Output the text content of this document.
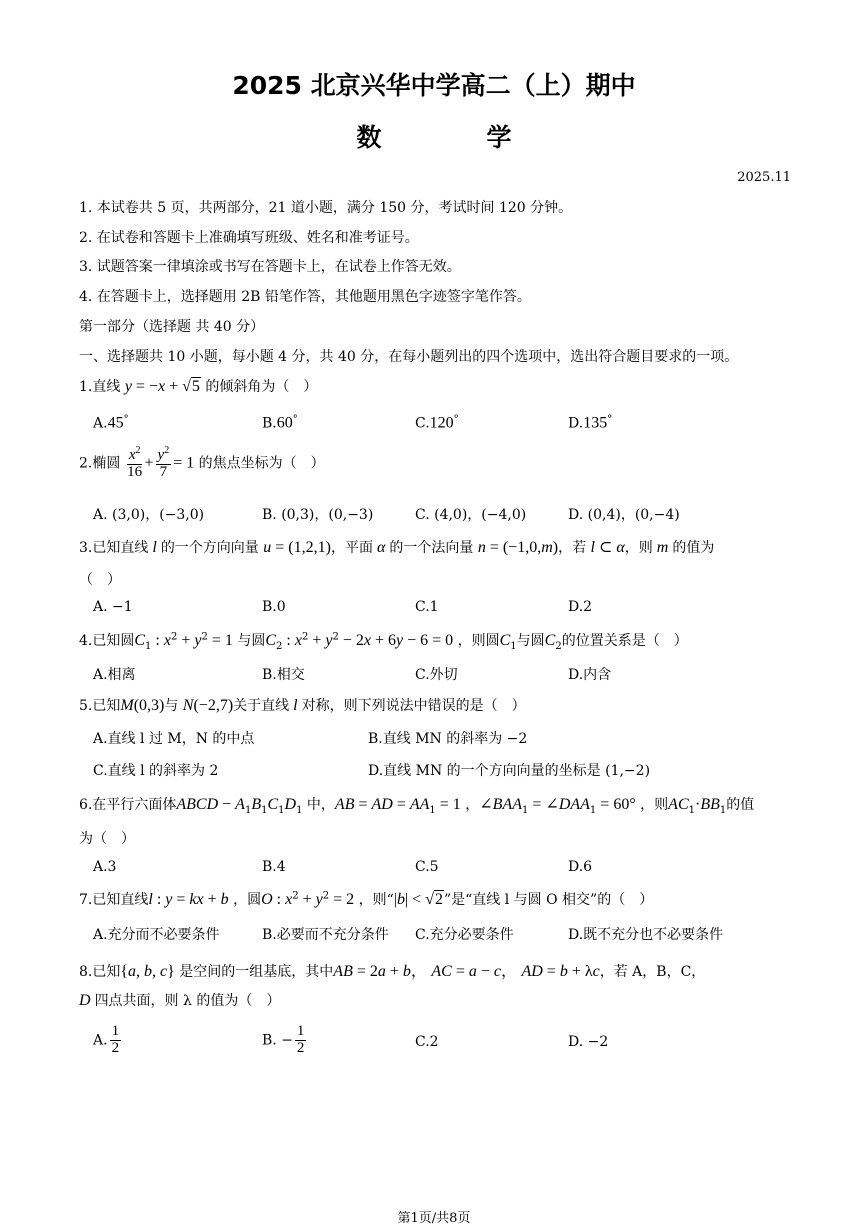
2025 北京兴华中学高二（上）期中
数　学
2025.11
1. 本试卷共 5 页，共两部分，21 道小题，满分 150 分，考试时间 120 分钟。
2. 在试卷和答题卡上准确填写班级、姓名和准考证号。
3. 试题答案一律填涂或书写在答题卡上，在试卷上作答无效。
4. 在答题卡上，选择题用 2B 铅笔作答，其他题用黑色字迹签字笔作答。
第一部分（选择题 共 40 分）
一、选择题共 10 小题，每小题 4 分，共 40 分，在每小题列出的四个选项中，选出符合题目要求的一项。
1.直线 y = −x + √5 的倾斜角为（　）
A.45°	B.60°	C.120°	D.135°
2.椭圆 $\frac{x^2}{16} + \frac{y^2}{7} = 1$ 的焦点坐标为（　）
A. (3,0)，(−3,0)	B. (0,3)，(0,−3)	C. (4,0)，(−4,0)	D. (0,4)，(0,−4)
3.已知直线 l 的一个方向向量 u = (1,2,1)，平面 α 的一个法向量 n = (−1,0,m)，若 l ⊂ α，则 m 的值为
（　）
A. −1	B.0	C.1	D.2
4.已知圆$C_1$ : $x^2 + y^2 = 1$ 与圆$C_2$ : $x^2 + y^2 - 2x + 6y - 6 = 0$ ，则圆$C_1$与圆$C_2$的位置关系是（　）
A.相离	B.相交	C.外切	D.内含
5.已知M(0,3)与 N(−2,7)关于直线 l 对称，则下列说法中错误的是（　）
A.直线 l 过 M，N 的中点	B.直线 MN 的斜率为 −2
C.直线 l 的斜率为 2	D.直线 MN 的一个方向向量的坐标是 (1,−2)
6.在平行六面体ABCD − $A_1B_1C_1D_1$ 中，AB = AD = $AA_1 = 1$ ，$\angle BAA_1$ = $\angle DAA_1 = 60^\circ$ ，则$AC_1\cdot BB_1$的值
为（　）
A.3	B.4	C.5	D.6
7.已知直线l : y = kx + b ，圆O : $x^2 + y^2 = 2$ ，则“|b| < √2”是“直线 l 与圆 O 相交”的（　）
A.充分而不必要条件	B.必要而不充分条件 C.充分必要条件	D.既不充分也不必要条件
8.已知{a, b, c} 是空间的一组基底，其中AB = 2a + b， AC = a − c， AD = b + λc，若 A，B，C，
D 四点共面，则 λ 的值为（　）
A. $\frac{1}{2}$	B. − $\frac{1}{2}$	C.2	D. −2
第1页/共8页
